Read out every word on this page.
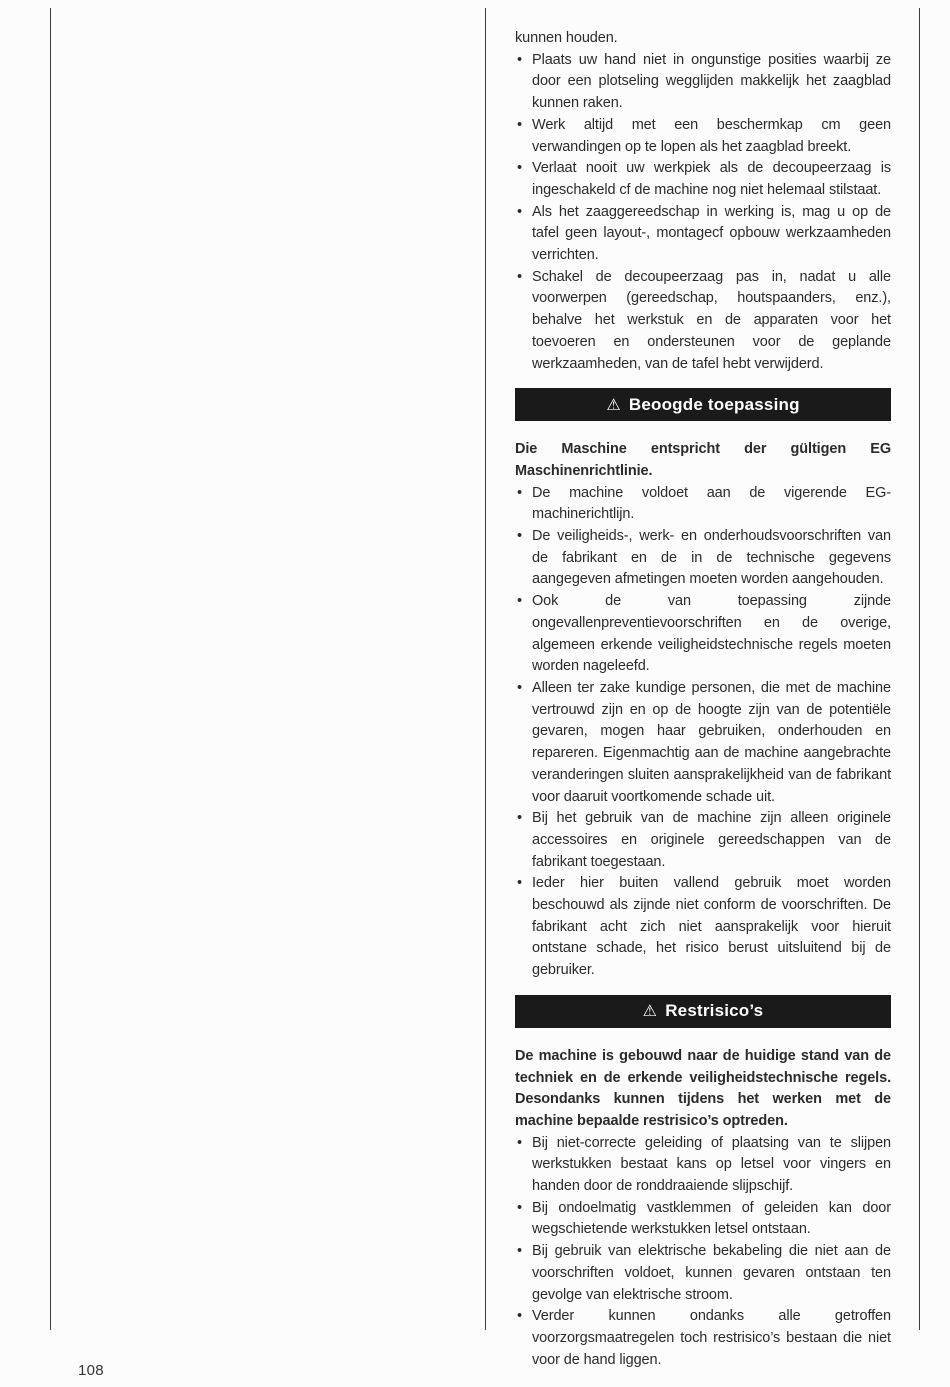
kunnen houden.

• Plaats uw hand niet in ongunstige posities waarbij ze door een plotseling wegglijden makkelijk het zaagblad kunnen raken.
• Werk altijd met een beschermkap cm geen verwandingen op te lopen als het zaagblad breekt.
• Verlaat nooit uw werkpiek als de decoupeerzaag is ingeschakeld cf de machine nog niet helemaal stilstaat.
• Als het zaaggereedschap in werking is, mag u op de tafel geen layout-, montagecf opbouw werkzaamheden verrichten.
• Schakel de decoupeerzaag pas in, nadat u alle voorwerpen (gereedschap, houtspaanders, enz.), behalve het werkstuk en de apparaten voor het toevoeren en ondersteunen voor de geplande werkzaamheden, van de tafel hebt verwijderd.
⚠ Beoogde toepassing

Die Maschine entspricht der gültigen EG Maschinenrichtlinie.

• De machine voldoet aan de vigerende EG-machinerichtlijn.
• De veiligheids-, werk- en onderhoudsvoorschriften van de fabrikant en de in de technische gegevens aangegeven afmetingen moeten worden aangehouden.
• Ook de van toepassing zijnde ongevallenpreventievoorschriften en de overige, algemeen erkende veiligheidstechnische regels moeten worden nageleefd.
• Alleen ter zake kundige personen, die met de machine vertrouwd zijn en op de hoogte zijn van de potentiële gevaren, mogen haar gebruiken, onderhouden en repareren. Eigenmachtig aan de machine aangebrachte veranderingen sluiten aansprakelijkheid van de fabrikant voor daaruit voortkomende schade uit.
• Bij het gebruik van de machine zijn alleen originele accessoires en originele gereedschappen van de fabrikant toegestaan.
• Ieder hier buiten vallend gebruik moet worden beschouwd als zijnde niet conform de voorschriften. De fabrikant acht zich niet aansprakelijk voor hieruit ontstane schade, het risico berust uitsluitend bij de gebruiker.
⚠ Restrisico’s

De machine is gebouwd naar de huidige stand van de techniek en de erkende veiligheidstechnische regels. Desondanks kunnen tijdens het werken met de machine bepaalde restrisico’s optreden.

• Bij niet-correcte geleiding of plaatsing van te slijpen werkstukken bestaat kans op letsel voor vingers en handen door de ronddraaiende slijpschijf.
• Bij ondoelmatig vastklemmen of geleiden kan door wegschietende werkstukken letsel ontstaan.
• Bij gebruik van elektrische bekabeling die niet aan de voorschriften voldoet, kunnen gevaren ontstaan ten gevolge van elektrische stroom.
• Verder kunnen ondanks alle getroffen voorzorgsmaatregelen toch restrisico’s bestaan die niet voor de hand liggen.
108
